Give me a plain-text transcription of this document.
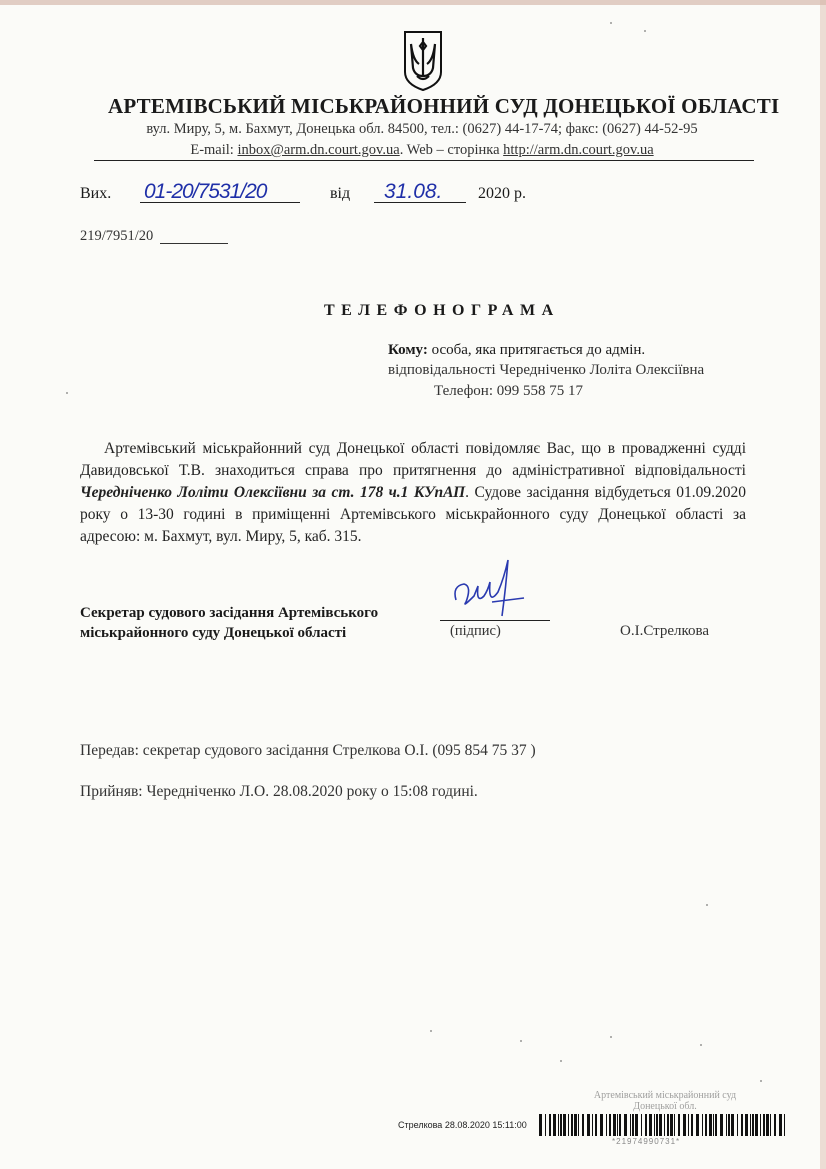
АРТЕМІВСЬКИЙ МІСЬКРАЙОННИЙ СУД ДОНЕЦЬКОЇ ОБЛАСТІ
вул. Миру, 5, м. Бахмут, Донецька обл. 84500, тел.: (0627) 44-17-74; факс: (0627) 44-52-95
E-mail: inbox@arm.dn.court.gov.ua. Web – сторінка http://arm.dn.court.gov.ua
Вих. 01-20/7531/20	від 31.08. 2020 р.
219/7951/20
ТЕЛЕФОНОГРАМА
Кому: особа, яка притягається до адмін.
відповідальності Чередніченко Лоліта Олексіївна
Телефон: 099 558 75 17
Артемівський міськрайонний суд Донецької області повідомляє Вас, що в провадженні судді Давидовської Т.В. знаходиться справа про притягнення до адміністративної відповідальності Чередніченко Лоліти Олексіївни за ст. 178 ч.1 КУпАП. Судове засідання відбудеться 01.09.2020 року о 13-30 годині в приміщенні Артемівського міськрайонного суду Донецької області за адресою: м. Бахмут, вул. Миру, 5, каб. 315.
Секретар судового засідання Артемівського міськрайонного суду Донецької області	(підпис)	О.І.Стрелкова
Передав: секретар судового засідання Стрелкова О.І. (095 854 75 37 )
Прийняв: Чередніченко Л.О. 28.08.2020 року о 15:08 годині.
Артемівський міськрайонний суд
Донецької обл.
Стрелкова 28.08.2020 15:11:00
*21974990731*
